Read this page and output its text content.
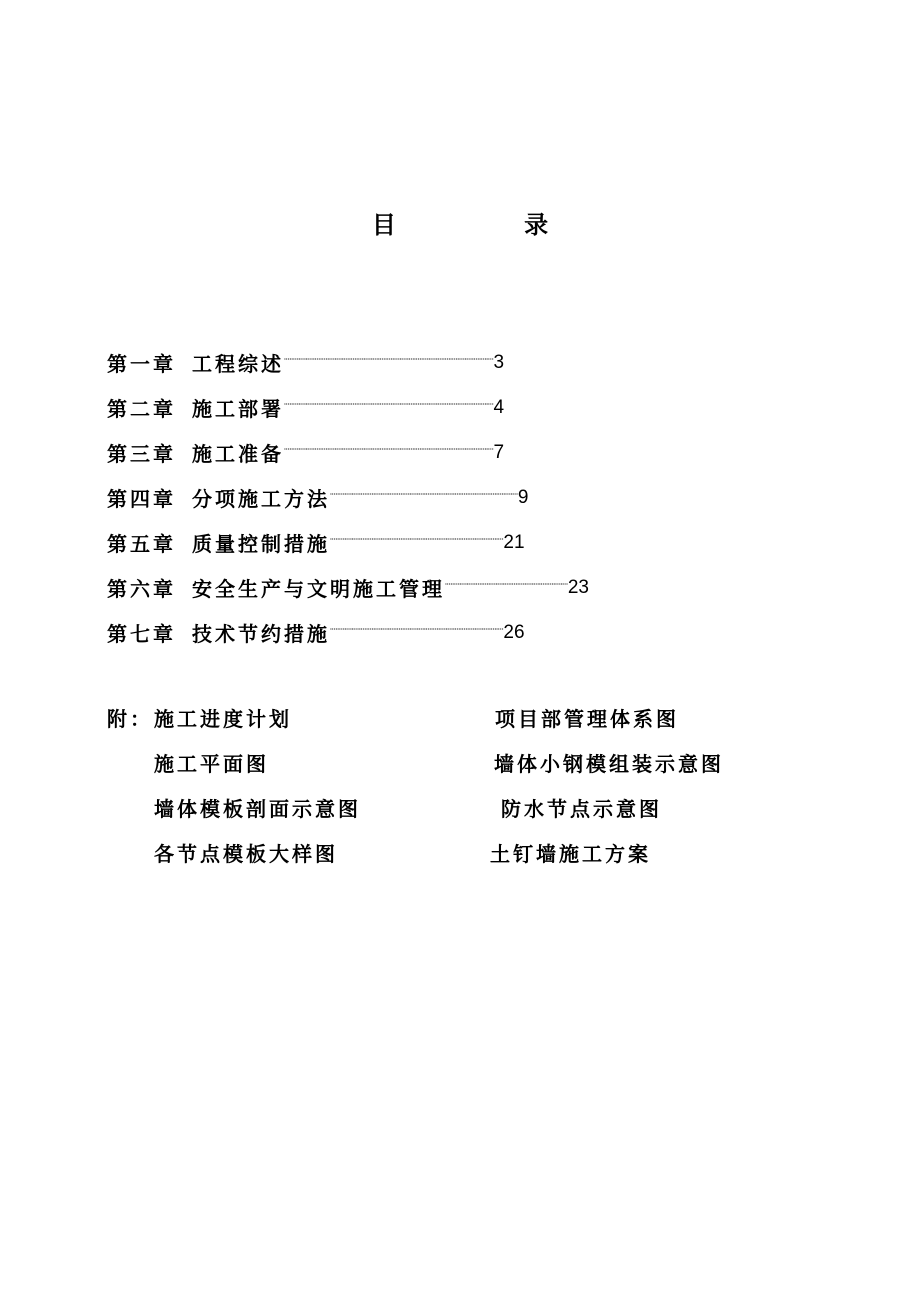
目 录
第一章 工程综述 ┈┈┈┈┈┈┈┈┈┈┈┈┈┈┈┈┈┈┈┈┈┈┈┈┈┈┈┈┈ 3
第二章 施工部署 ┈┈┈┈┈┈┈┈┈┈┈┈┈┈┈┈┈┈┈┈┈┈┈┈┈┈┈┈┈ 4
第三章 施工准备 ┈┈┈┈┈┈┈┈┈┈┈┈┈┈┈┈┈┈┈┈┈┈┈┈┈┈┈┈┈ 7
第四章 分项施工方法 ┈┈┈┈┈┈┈┈┈┈┈┈┈┈┈┈┈┈┈┈┈┈┈┈┈┈ 9
第五章 质量控制措施 ┈┈┈┈┈┈┈┈┈┈┈┈┈┈┈┈┈┈┈┈┈┈┈┈ 21
第六章 安全生产与文明施工管理 ┈┈┈┈┈┈┈┈┈┈┈┈┈┈┈┈┈ 23
第七章 技术节约措施 ┈┈┈┈┈┈┈┈┈┈┈┈┈┈┈┈┈┈┈┈┈┈┈┈ 26
附： 施工进度计划	项目部管理体系图
施工平面图	墙体小钢模组装示意图
墙体模板剖面示意图	防水节点示意图
各节点模板大样图	土钉墙施工方案
